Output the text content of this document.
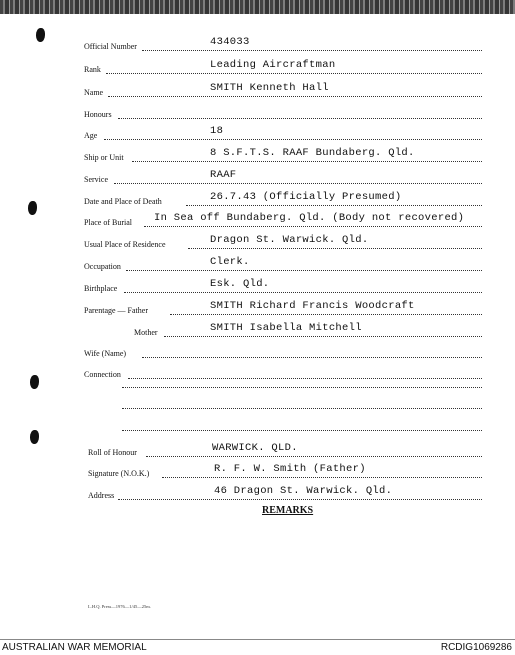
Official Number	434033
Rank	Leading Aircraftman
Name	SMITH Kenneth Hall
Honours
Age	18
Ship or Unit	8 S.F.T.S. RAAF Bundaberg. Qld.
Service	RAAF
Date and Place of Death	26.7.43 (Officially Presumed)
Place of Burial In Sea off Bundaberg. Qld. (Body not recovered)
Usual Place of Residence	Dragon St. Warwick. Qld.
Occupation	Clerk.
Birthplace	Esk. Qld.
Parentage — Father	SMITH Richard Francis Woodcraft
Mother	SMITH Isabella Mitchell
Wife (Name)
Connection
Roll of Honour	WARWICK. QLD.
Signature (N.O.K.)	R. F. W. Smith (Father)
Address	46 Dragon St. Warwick. Qld.
REMARKS
L.H.Q. Press—1976—1/45—25m.
AUSTRALIAN WAR MEMORIAL	RCDIG1069286
